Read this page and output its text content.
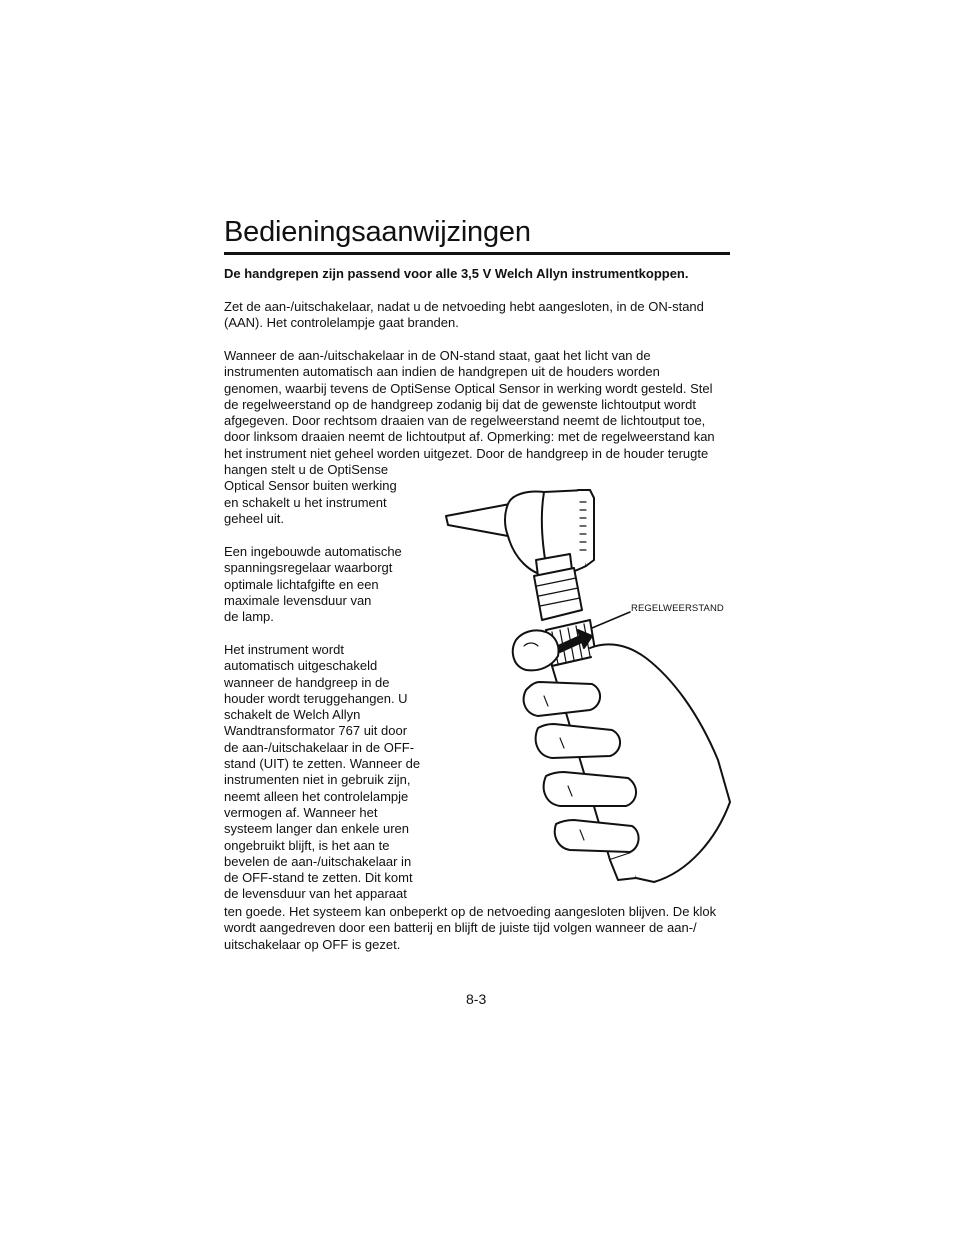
Bedieningsaanwijzingen

De handgrepen zijn passend voor alle 3,5 V Welch Allyn instrumentkoppen.

Zet de aan-/uitschakelaar, nadat u de netvoeding hebt aangesloten, in de ON-stand
(AAN). Het controlelampje gaat branden.

Wanneer de aan-/uitschakelaar in de ON-stand staat, gaat het licht van de
instrumenten automatisch aan indien de handgrepen uit de houders worden
genomen, waarbij tevens de OptiSense Optical Sensor in werking wordt gesteld. Stel
de regelweerstand op de handgreep zodanig bij dat de gewenste lichtoutput wordt
afgegeven. Door rechtsom draaien van de regelweerstand neemt de lichtoutput toe,
door linksom draaien neemt de lichtoutput af. Opmerking: met de regelweerstand kan
het instrument niet geheel worden uitgezet. Door de handgreep in de houder terugte

hangen stelt u de OptiSense
Optical Sensor buiten werking
en schakelt u het instrument
geheel uit.

Een ingebouwde automatische
spanningsregelaar waarborgt
optimale lichtafgifte en een
maximale levensduur van
de lamp.

Het instrument wordt
automatisch uitgeschakeld
wanneer de handgreep in de
houder wordt teruggehangen. U
schakelt de Welch Allyn
Wandtransformator 767 uit door
de aan-/uitschakelaar in de OFF-
stand (UIT) te zetten. Wanneer de
instrumenten niet in gebruik zijn,
neemt alleen het controlelampje
vermogen af. Wanneer het
systeem langer dan enkele uren
ongebruikt blijft, is het aan te
bevelen de aan-/uitschakelaar in
de OFF-stand te zetten. Dit komt
de levensduur van het apparaat

ten goede. Het systeem kan onbeperkt op de netvoeding aangesloten blijven. De klok
wordt aangedreven door een batterij en blijft de juiste tijd volgen wanneer de aan-/
uitschakelaar op OFF is gezet.

REGELWEERSTAND

8-3
